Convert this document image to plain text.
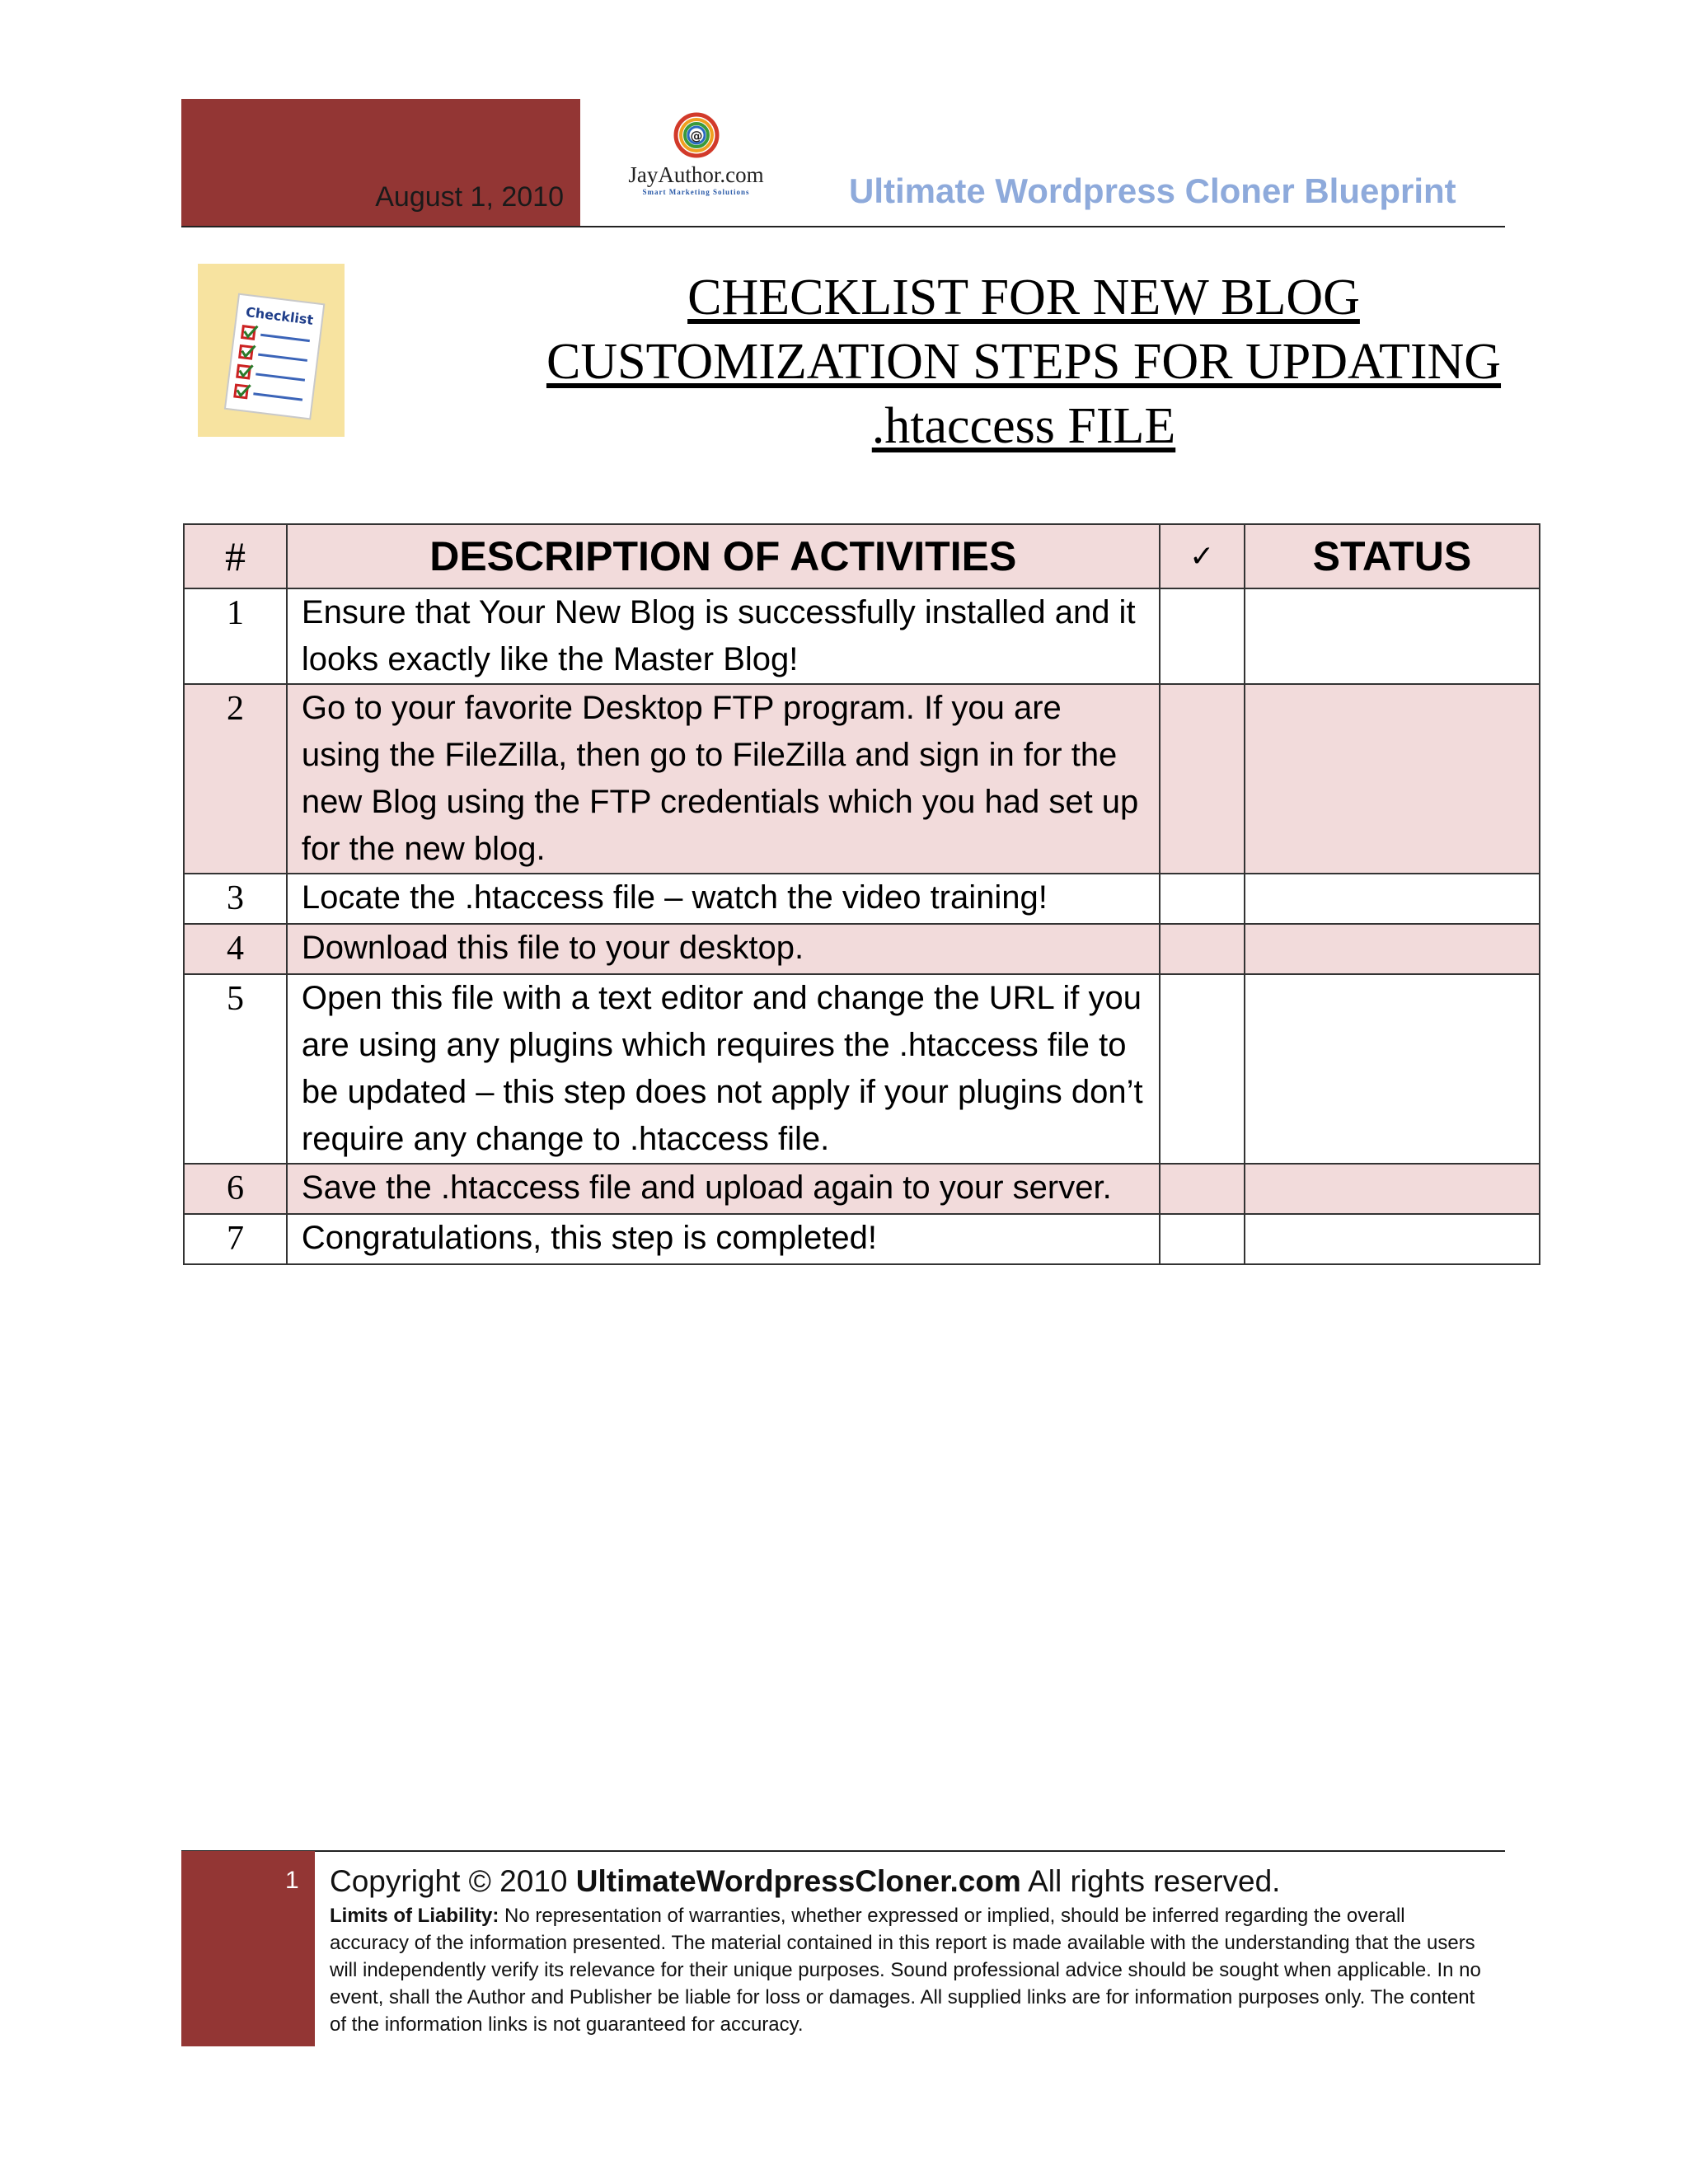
August 1, 2010
@
JayAuthor.com
Smart Marketing Solutions	Ultimate Wordpress Cloner Blueprint
Checklist	CHECKLIST FOR NEW BLOG
CUSTOMIZATION STEPS FOR UPDATING
.htaccess FILE
#	DESCRIPTION OF ACTIVITIES	✓	STATUS
1	Ensure that Your New Blog is successfully installed and it looks exactly like the Master Blog!		
2	Go to your favorite Desktop FTP program. If you are using the FileZilla, then go to FileZilla and sign in for the new Blog using the FTP credentials which you had set up for the new blog.		
3	Locate the .htaccess file – watch the video training!		
4	Download this file to your desktop.		
5	Open this file with a text editor and change the URL if you are using any plugins which requires the .htaccess file to be updated – this step does not apply if your plugins don’t require any change to .htaccess file.		
6	Save the .htaccess file and upload again to your server.		
7	Congratulations, this step is completed!		
1 Copyright © 2010 UltimateWordpressCloner.com All rights reserved.
Limits of Liability: No representation of warranties, whether expressed or implied, should be inferred regarding the overall accuracy of the information presented. The material contained in this report is made available with the understanding that the users will independently verify its relevance for their unique purposes. Sound professional advice should be sought when applicable. In no event, shall the Author and Publisher be liable for loss or damages. All supplied links are for information purposes only. The content of the information links is not guaranteed for accuracy.
